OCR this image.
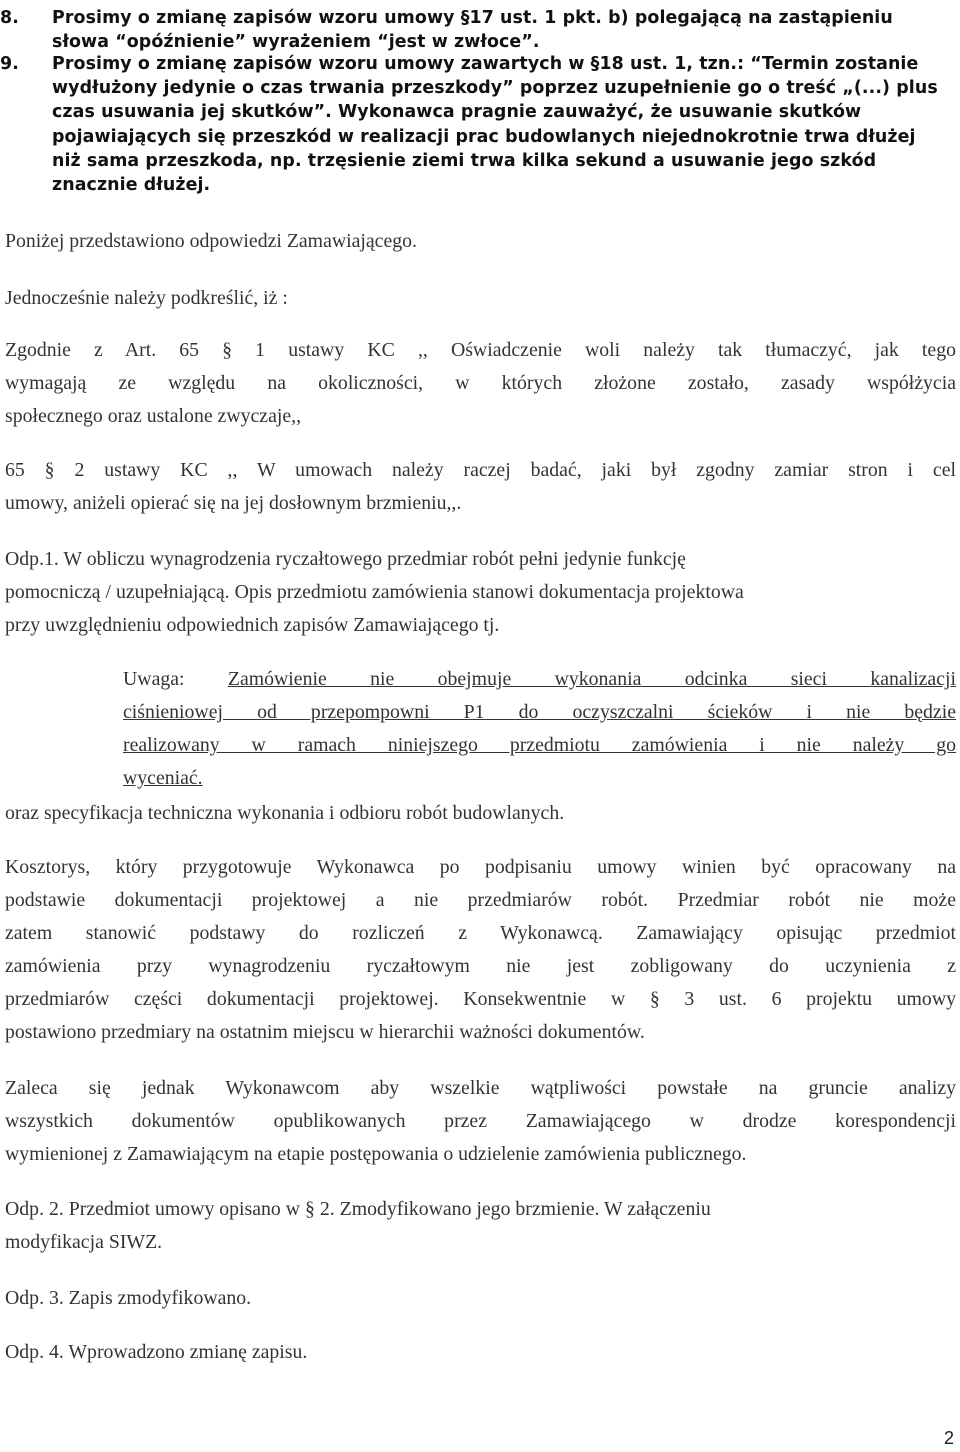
8. Prosimy o zmianę zapisów wzoru umowy §17 ust. 1 pkt. b) polegającą na zastąpieniu
słowa “opóźnienie” wyrażeniem “jest w zwłoce”.
9. Prosimy o zmianę zapisów wzoru umowy zawartych w §18 ust. 1, tzn.: “Termin zostanie
wydłużony jedynie o czas trwania przeszkody” poprzez uzupełnienie go o treść „(...) plus
czas usuwania jej skutków”. Wykonawca pragnie zauważyć, że usuwanie skutków
pojawiających się przeszkód w realizacji prac budowlanych niejednokrotnie trwa dłużej
niż sama przeszkoda, np. trzęsienie ziemi trwa kilka sekund a usuwanie jego szkód
znacznie dłużej.

Poniżej przedstawiono odpowiedzi Zamawiającego.

Jednocześnie należy podkreślić, iż :

Zgodnie z Art. 65 § 1 ustawy KC ,, Oświadczenie woli należy tak tłumaczyć, jak tego

wymagają ze względu na okoliczności, w których złożone zostało, zasady współżycia

społecznego oraz ustalone zwyczaje,,

65 § 2 ustawy KC ,, W umowach należy raczej badać, jaki był zgodny zamiar stron i cel

umowy, aniżeli opierać się na jej dosłownym brzmieniu,,.

Odp.1. W obliczu wynagrodzenia ryczałtowego przedmiar robót pełni jedynie funkcję

pomocniczą / uzupełniającą. Opis przedmiotu zamówienia stanowi dokumentacja projektowa

przy uwzględnieniu odpowiednich zapisów Zamawiającego tj.

Uwaga: Zamówienie nie obejmuje wykonania odcinka sieci kanalizacji

ciśnieniowej od przepompowni P1 do oczyszczalni ścieków i nie będzie

realizowany w ramach niniejszego przedmiotu zamówienia i nie należy go

wyceniać.

oraz specyfikacja techniczna wykonania i odbioru robót budowlanych.

Kosztorys, który przygotowuje Wykonawca po podpisaniu umowy winien być opracowany na

podstawie dokumentacji projektowej a nie przedmiarów robót. Przedmiar robót nie może

zatem stanowić podstawy do rozliczeń z Wykonawcą. Zamawiający opisując przedmiot

zamówienia przy wynagrodzeniu ryczałtowym nie jest zobligowany do uczynienia z

przedmiarów części dokumentacji projektowej. Konsekwentnie w § 3 ust. 6 projektu umowy

postawiono przedmiary na ostatnim miejscu w hierarchii ważności dokumentów.

Zaleca się jednak Wykonawcom aby wszelkie wątpliwości powstałe na gruncie analizy

wszystkich dokumentów opublikowanych przez Zamawiającego w drodze korespondencji

wymienionej z Zamawiającym na etapie postępowania o udzielenie zamówienia publicznego.

Odp. 2. Przedmiot umowy opisano w § 2. Zmodyfikowano jego brzmienie. W załączeniu

modyfikacja SIWZ.

Odp. 3. Zapis zmodyfikowano.

Odp. 4. Wprowadzono zmianę zapisu.

2
